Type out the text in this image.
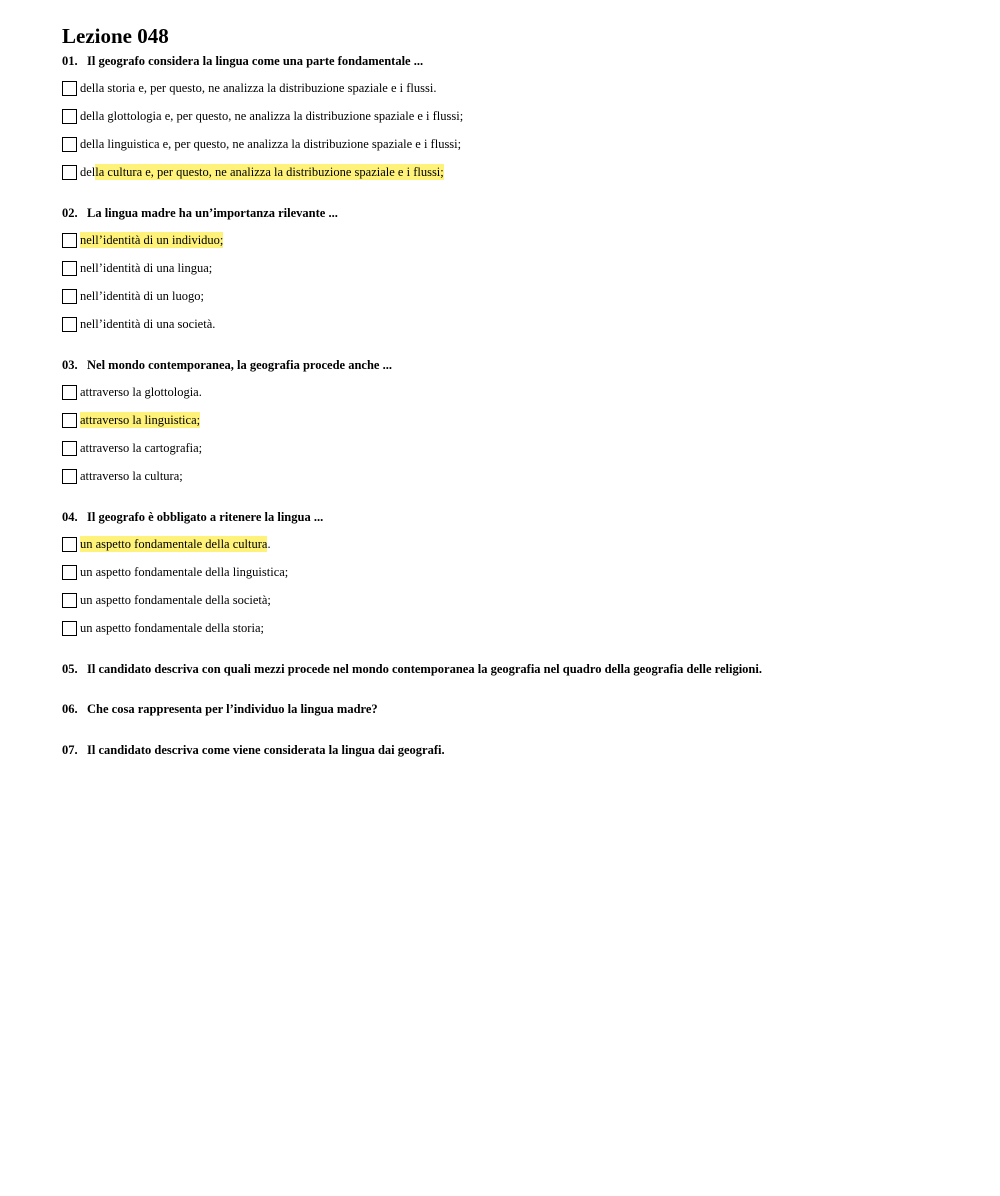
Lezione 048
01. Il geografo considera la lingua come una parte fondamentale ...
della storia e, per questo, ne analizza la distribuzione spaziale e i flussi.
della glottologia e, per questo, ne analizza la distribuzione spaziale e i flussi;
della linguistica e, per questo, ne analizza la distribuzione spaziale e i flussi;
del la cultura e, per questo, ne analizza la distribuzione spaziale e i flussi;
02. La lingua madre ha un’importanza rilevante ...
nell’identità di un individuo;
nell’identità di una lingua;
nell’identità di un luogo;
nell’identità di una società.
03. Nel mondo contemporanea, la geografia procede anche ...
attraverso la glottologia.
attraverso la linguistica;
attraverso la cartografia;
attraverso la cultura;
04. Il geografo è obbligato a ritenere la lingua ...
un aspetto fondamentale della cultura .
un aspetto fondamentale della linguistica;
un aspetto fondamentale della società;
un aspetto fondamentale della storia;
05. Il candidato descriva con quali mezzi procede nel mondo contemporanea la geografia nel quadro della geografia delle religioni.
06. Che cosa rappresenta per l’individuo la lingua madre?
07. Il candidato descriva come viene considerata la lingua dai geografi.
